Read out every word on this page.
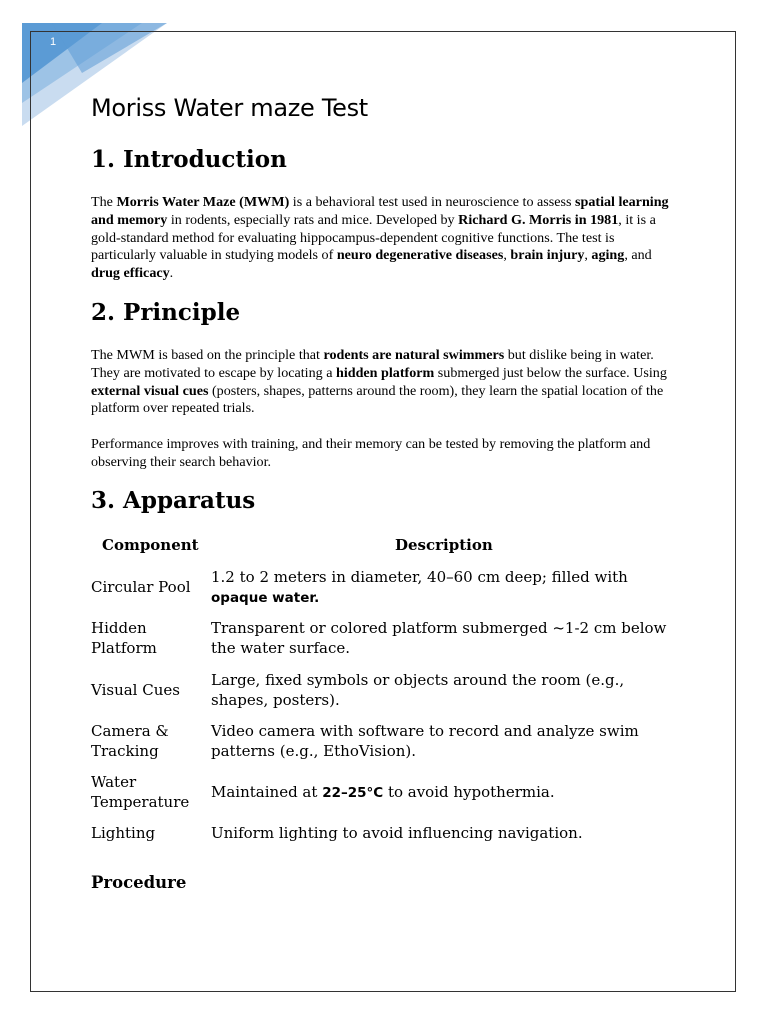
1
Moriss Water maze Test
1. Introduction

The Morris Water Maze (MWM) is a behavioral test used in neuroscience to assess spatial learning and memory in rodents, especially rats and mice. Developed by Richard G. Morris in 1981, it is a gold-standard method for evaluating hippocampus-dependent cognitive functions. The test is particularly valuable in studying models of neuro degenerative diseases, brain injury, aging, and drug efficacy.

2. Principle

The MWM is based on the principle that rodents are natural swimmers but dislike being in water. They are motivated to escape by locating a hidden platform submerged just below the surface. Using external visual cues (posters, shapes, patterns around the room), they learn the spatial location of the platform over repeated trials.

Performance improves with training, and their memory can be tested by removing the platform and observing their search behavior.

3. Apparatus
Component	Description
Circular Pool
1.2 to 2 meters in diameter, 40–60 cm deep; filled with
opaque water.
Hidden Platform
Transparent or colored platform submerged ~1-2 cm below the water surface.
Visual Cues
Large, fixed symbols or objects around the room (e.g., shapes, posters).
Camera & Tracking
Video camera with software to record and analyze swim patterns (e.g., EthoVision).
Water Temperature
Maintained at 22–25°C to avoid hypothermia.
Lighting	Uniform lighting to avoid influencing navigation.
Procedure
